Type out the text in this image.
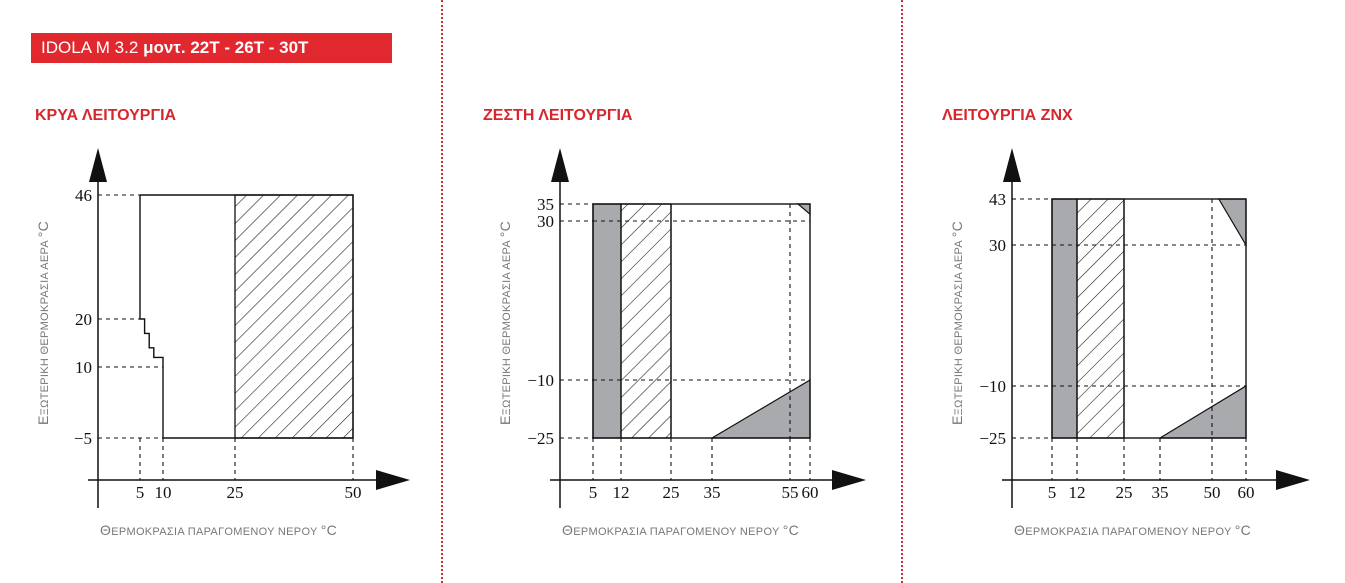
IDOLA M 3.2 μοντ. 22T - 26T - 30T
ΚΡΥΑ ΛΕΙΤΟΥΡΓΙΑ	ΖΕΣΤΗ ΛΕΙΤΟΥΡΓΙΑ	ΛΕΙΤΟΥΡΓΙΑ ΖΝΧ
−5
10
20
46
5 10	25	50
ΕΞΩΤΕΡΙΚΗ ΘΕΡΜΟΚΡΑΣΙΑ ΑΕΡΑ °C
ΘΕΡΜΟΚΡΑΣΙΑ ΠΑΡΑΓΟΜΕΝΟΥ ΝΕΡΟΥ °C
−25
−10
30
35
5 12 25 35	55 60
ΕΞΩΤΕΡΙΚΗ ΘΕΡΜΟΚΡΑΣΙΑ ΑΕΡΑ °C
ΘΕΡΜΟΚΡΑΣΙΑ ΠΑΡΑΓΟΜΕΝΟΥ ΝΕΡΟΥ °C
−25
−10
30
43
5 12 25 35 50 60
ΕΞΩΤΕΡΙΚΗ ΘΕΡΜΟΚΡΑΣΙΑ ΑΕΡΑ °C
ΘΕΡΜΟΚΡΑΣΙΑ ΠΑΡΑΓΟΜΕΝΟΥ ΝΕΡΟΥ °C
